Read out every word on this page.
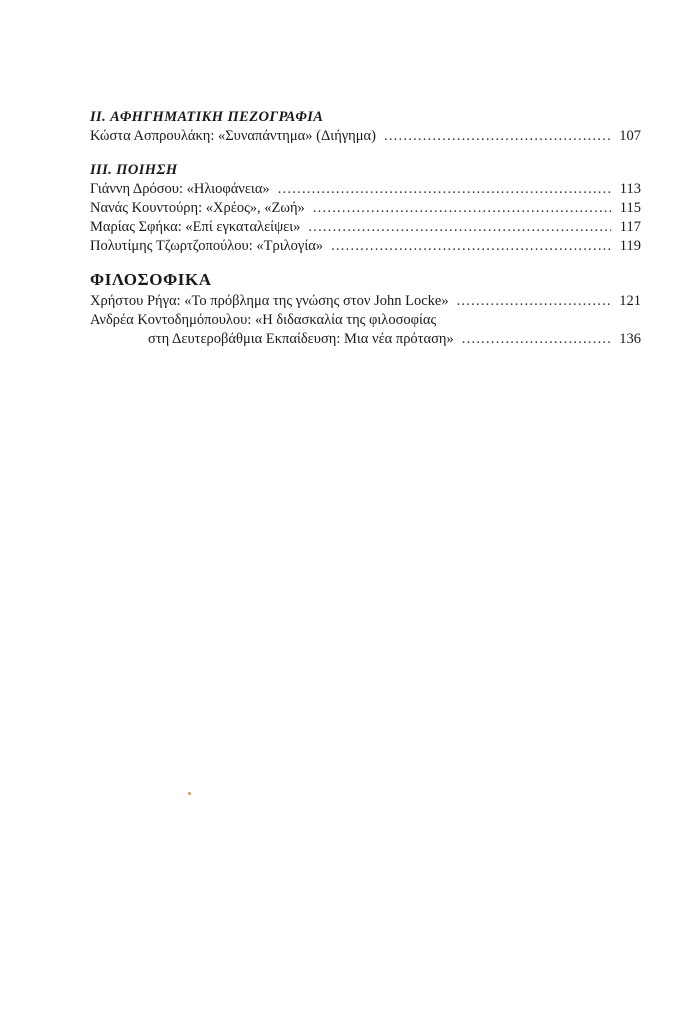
II. ΑΦΗΓΗΜΑΤΙΚΗ ΠΕΖΟΓΡΑΦΙΑ
Κώστα Ασπρουλάκη: «Συναπάντημα» (Διήγημα) . . .	107
III. ΠΟΙΗΣΗ
Γιάννη Δρόσου: «Ηλιοφάνεια» . . .	113
Νανάς Κουντούρη: «Χρέος», «Ζωή» . . .	115
Μαρίας Σφήκα: «Επί εγκαταλείψει» . . .	117
Πολυτίμης Τζωρτζοπούλου: «Τριλογία» . . .	119
ΦΙΛΟΣΟΦΙΚΑ
Χρήστου Ρήγα: «Το πρόβλημα της γνώσης στον John Locke» . . .	121
Ανδρέα Κοντοδημόπουλου: «Η διδασκαλία της φιλοσοφίας
στη Δευτεροβάθμια Εκπαίδευση: Μια νέα πρόταση» . . .	136
